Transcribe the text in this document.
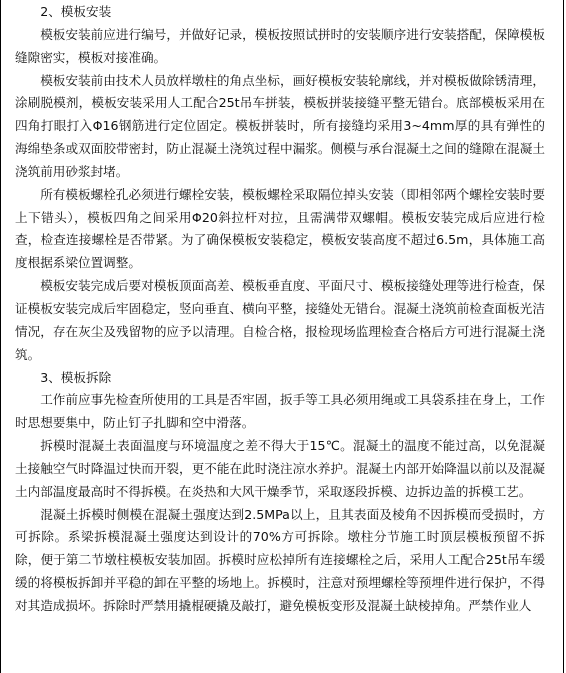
2、模板安装

模板安装前应进行编号，并做好记录，模板按照试拼时的安装顺序进行安装搭配，保障模板缝隙密实，模板对接准确。

模板安装前由技术人员放样墩柱的角点坐标，画好模板安装轮廓线，并对模板做除锈清理，涂刷脱模剂，模板安装采用人工配合25t吊车拼装，模板拼装接缝平整无错台。底部模板采用在四角打眼打入Φ16钢筋进行定位固定。模板拼装时，所有接缝均采用3~4mm厚的具有弹性的海绵垫条或双面胶带密封，防止混凝土浇筑过程中漏浆。侧模与承台混凝土之间的缝隙在混凝土浇筑前用砂浆封堵。

所有模板螺栓孔必须进行螺栓安装，模板螺栓采取隔位掉头安装（即相邻两个螺栓安装时要上下错头），模板四角之间采用Φ20斜拉杆对拉，且需满带双螺帽。模板安装完成后应进行检查，检查连接螺栓是否带紧。为了确保模板安装稳定，模板安装高度不超过6.5m，具体施工高度根据系梁位置调整。

模板安装完成后要对模板顶面高差、模板垂直度、平面尺寸、模板接缝处理等进行检查，保证模板安装完成后牢固稳定，竖向垂直、横向平整，接缝处无错台。混凝土浇筑前检查面板光洁情况，存在灰尘及残留物的应予以清理。自检合格，报检现场监理检查合格后方可进行混凝土浇筑。

3、模板拆除

工作前应事先检查所使用的工具是否牢固，扳手等工具必须用绳或工具袋系挂在身上，工作时思想要集中，防止钉子扎脚和空中滑落。

拆模时混凝土表面温度与环境温度之差不得大于15℃。混凝土的温度不能过高，以免混凝土接触空气时降温过快而开裂，更不能在此时浇注凉水养护。混凝土内部开始降温以前以及混凝土内部温度最高时不得拆模。在炎热和大风干燥季节，采取逐段拆模、边拆边盖的拆模工艺。

混凝土拆模时侧模在混凝土强度达到2.5MPa以上，且其表面及棱角不因拆模而受损时，方可拆除。系梁拆模混凝土强度达到设计的70%方可拆除。墩柱分节施工时顶层模板预留不拆除，便于第二节墩柱模板安装加固。拆模时应松掉所有连接螺栓之后，采用人工配合25t吊车缓缓的将模板拆卸并平稳的卸在平整的场地上。拆模时，注意对预埋螺栓等预埋件进行保护，不得对其造成损坏。拆除时严禁用撬棍硬撬及敲打，避免模板变形及混凝土缺棱掉角。严禁作业人
